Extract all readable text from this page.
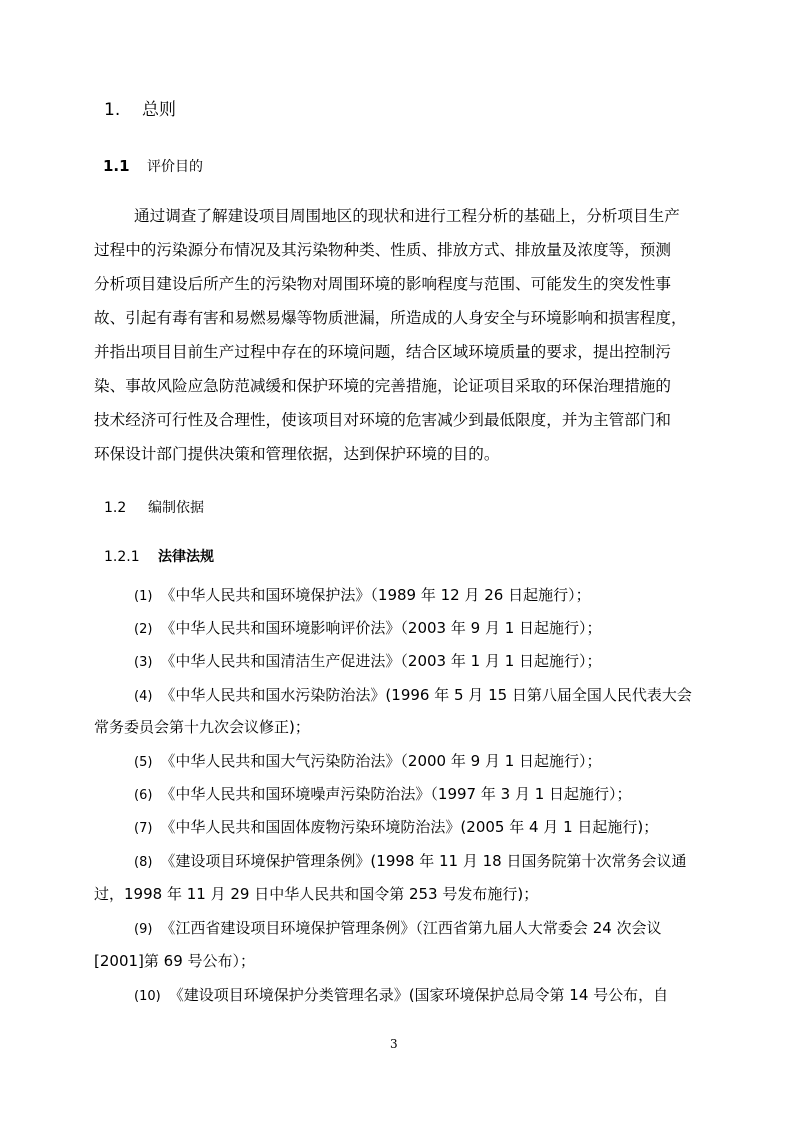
1. 总则
1.1 评价目的
通过调查了解建设项目周围地区的现状和进行工程分析的基础上，分析项目生产
过程中的污染源分布情况及其污染物种类、性质、排放方式、排放量及浓度等，预测
分析项目建设后所产生的污染物对周围环境的影响程度与范围、可能发生的突发性事
故、引起有毒有害和易燃易爆等物质泄漏，所造成的人身安全与环境影响和损害程度，
并指出项目目前生产过程中存在的环境问题，结合区域环境质量的要求，提出控制污
染、事故风险应急防范减缓和保护环境的完善措施，论证项目采取的环保治理措施的
技术经济可行性及合理性，使该项目对环境的危害减少到最低限度，并为主管部门和
环保设计部门提供决策和管理依据，达到保护环境的目的。
1.2 编制依据
1.2.1 法律法规
(1) 《中华人民共和国环境保护法》（1989 年 12 月 26 日起施行）；
(2) 《中华人民共和国环境影响评价法》（2003 年 9 月 1 日起施行）；
(3) 《中华人民共和国清洁生产促进法》（2003 年 1 月 1 日起施行）；
(4) 《中华人民共和国水污染防治法》(1996 年 5 月 15 日第八届全国人民代表大会
常务委员会第十九次会议修正)；
(5) 《中华人民共和国大气污染防治法》（2000 年 9 月 1 日起施行）；
(6) 《中华人民共和国环境噪声污染防治法》（1997 年 3 月 1 日起施行）；
(7) 《中华人民共和国固体废物污染环境防治法》(2005 年 4 月 1 日起施行)；
(8) 《建设项目环境保护管理条例》(1998 年 11 月 18 日国务院第十次常务会议通
过，1998 年 11 月 29 日中华人民共和国令第 253 号发布施行)；
(9) 《江西省建设项目环境保护管理条例》（江西省第九届人大常委会 24 次会议
[2001]第 69 号公布）；
(10) 《建设项目环境保护分类管理名录》(国家环境保护总局令第 14 号公布，自
3
